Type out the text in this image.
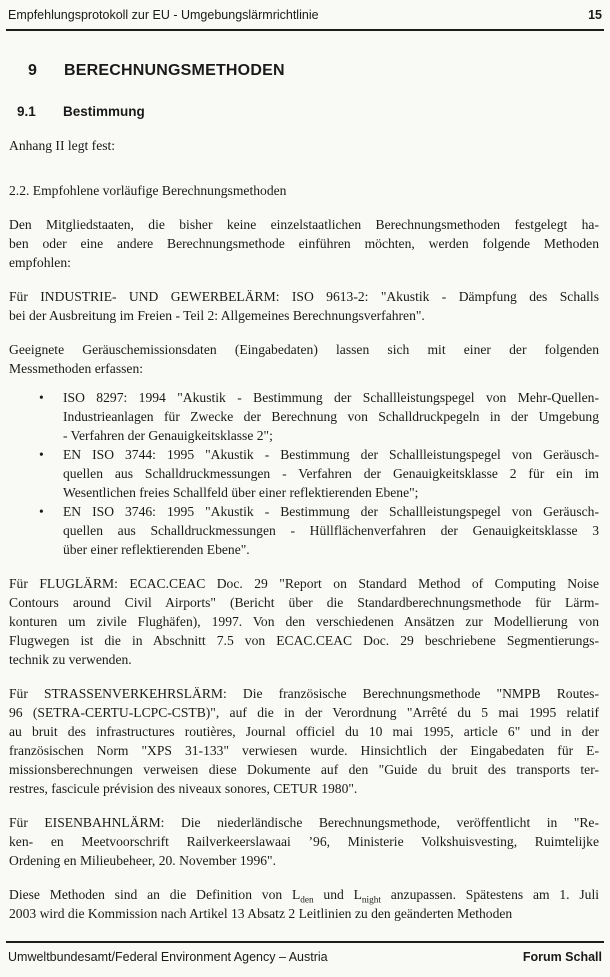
Empfehlungsprotokoll zur EU - Umgebungslärmrichtlinie	15
9	BERECHNUNGSMETHODEN
9.1	Bestimmung
Anhang II legt fest:
2.2. Empfohlene vorläufige Berechnungsmethoden
Den Mitgliedstaaten, die bisher keine einzelstaatlichen Berechnungsmethoden festgelegt ha-
ben oder eine andere Berechnungsmethode einführen möchten, werden folgende Methoden
empfohlen:
Für INDUSTRIE- UND GEWERBELÄRM: ISO 9613-2: "Akustik - Dämpfung des Schalls
bei der Ausbreitung im Freien - Teil 2: Allgemeines Berechnungsverfahren".
Geeignete Geräuschemissionsdaten (Eingabedaten) lassen sich mit einer der folgenden
Messmethoden erfassen:
•	ISO 8297: 1994 "Akustik - Bestimmung der Schallleistungspegel von Mehr-Quellen-
Industrieanlagen für Zwecke der Berechnung von Schalldruckpegeln in der Umgebung
- Verfahren der Genauigkeitsklasse 2";
•	EN ISO 3744: 1995 "Akustik - Bestimmung der Schallleistungspegel von Geräusch-
quellen aus Schalldruckmessungen - Verfahren der Genauigkeitsklasse 2 für ein im
Wesentlichen freies Schallfeld über einer reflektierenden Ebene";
•	EN ISO 3746: 1995 "Akustik - Bestimmung der Schallleistungspegel von Geräusch-
quellen aus Schalldruckmessungen - Hüllflächenverfahren der Genauigkeitsklasse 3
über einer reflektierenden Ebene".
Für FLUGLÄRM: ECAC.CEAC Doc. 29 "Report on Standard Method of Computing Noise
Contours around Civil Airports" (Bericht über die Standardberechnungsmethode für Lärm-
konturen um zivile Flughäfen), 1997. Von den verschiedenen Ansätzen zur Modellierung von
Flugwegen ist die in Abschnitt 7.5 von ECAC.CEAC Doc. 29 beschriebene Segmentierungs-
technik zu verwenden.
Für STRASSENVERKEHRSLÄRM: Die französische Berechnungsmethode "NMPB Routes-
96 (SETRA-CERTU-LCPC-CSTB)", auf die in der Verordnung "Arrêté du 5 mai 1995 relatif
au bruit des infrastructures routières, Journal officiel du 10 mai 1995, article 6" und in der
französischen Norm "XPS 31-133" verwiesen wurde. Hinsichtlich der Eingabedaten für E-
missionsberechnungen verweisen diese Dokumente auf den "Guide du bruit des transports ter-
restres, fascicule prévision des niveaux sonores, CETUR 1980".
Für EISENBAHNLÄRM: Die niederländische Berechnungsmethode, veröffentlicht in "Re-
ken- en Meetvoorschrift Railverkeerslawaai ’96, Ministerie Volkshuisvesting, Ruimtelijke
Ordening en Milieubeheer, 20. November 1996".
Diese Methoden sind an die Definition von $L_{den}$ und $L_{night}$ anzupassen. Spätestens am 1. Juli
2003 wird die Kommission nach Artikel 13 Absatz 2 Leitlinien zu den geänderten Methoden
Umweltbundesamt/Federal Environment Agency – Austria	Forum Schall
